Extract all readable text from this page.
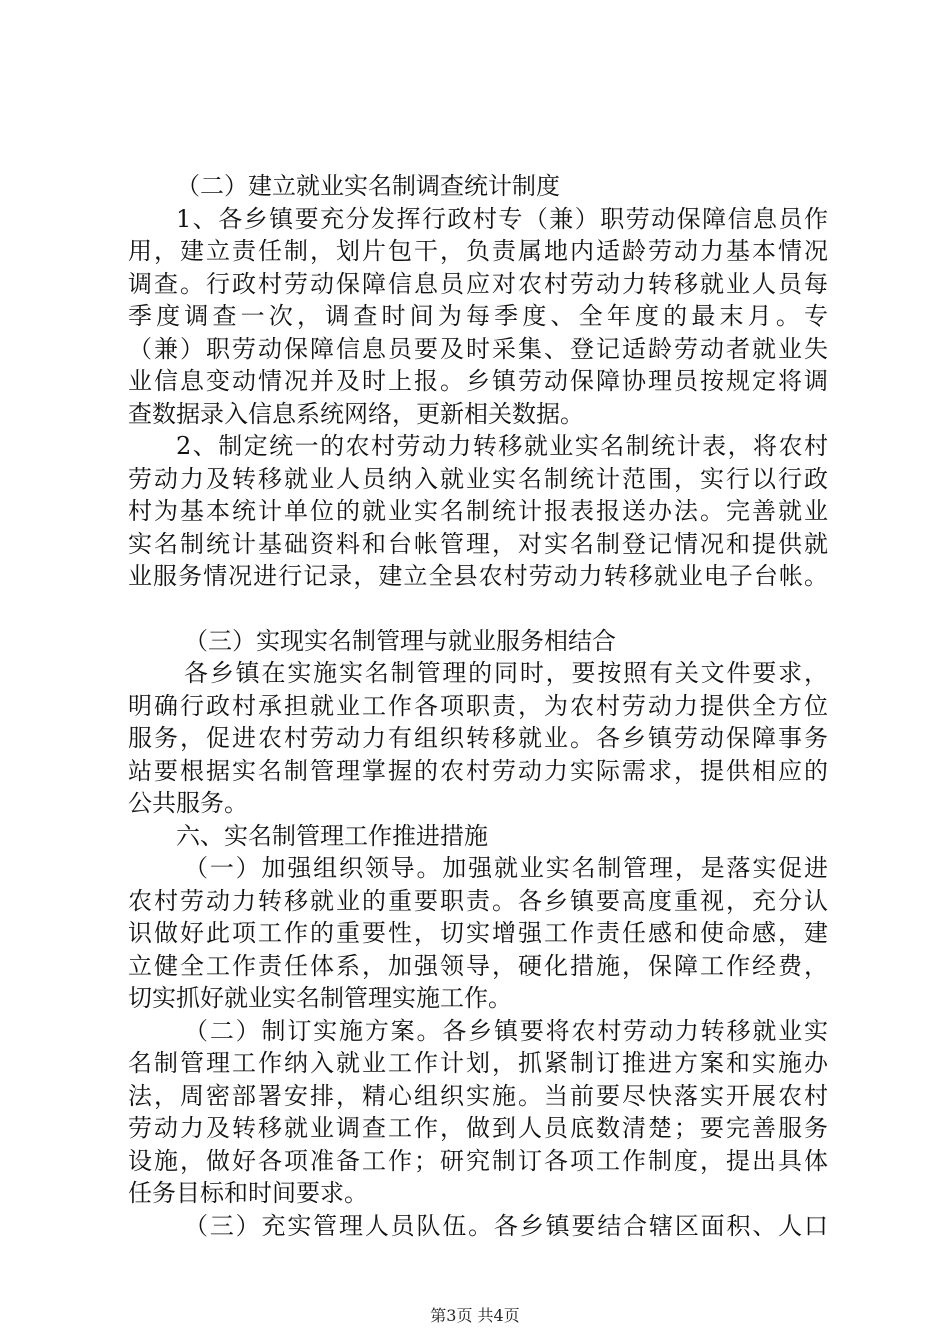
（二）建立就业实名制调查统计制度
1、各乡镇要充分发挥行政村专（兼）职劳动保障信息员作
用，建立责任制，划片包干，负责属地内适龄劳动力基本情况
调查。行政村劳动保障信息员应对农村劳动力转移就业人员每
季度调查一次，调查时间为每季度、全年度的最末月。专
（兼）职劳动保障信息员要及时采集、登记适龄劳动者就业失
业信息变动情况并及时上报。乡镇劳动保障协理员按规定将调
查数据录入信息系统网络，更新相关数据。
2、制定统一的农村劳动力转移就业实名制统计表，将农村
劳动力及转移就业人员纳入就业实名制统计范围，实行以行政
村为基本统计单位的就业实名制统计报表报送办法。完善就业
实名制统计基础资料和台帐管理，对实名制登记情况和提供就
业服务情况进行记录，建立全县农村劳动力转移就业电子台帐。
（三）实现实名制管理与就业服务相结合
各乡镇在实施实名制管理的同时，要按照有关文件要求，
明确行政村承担就业工作各项职责，为农村劳动力提供全方位
服务，促进农村劳动力有组织转移就业。各乡镇劳动保障事务
站要根据实名制管理掌握的农村劳动力实际需求，提供相应的
公共服务。
六、实名制管理工作推进措施
（一）加强组织领导。加强就业实名制管理，是落实促进
农村劳动力转移就业的重要职责。各乡镇要高度重视，充分认
识做好此项工作的重要性，切实增强工作责任感和使命感，建
立健全工作责任体系，加强领导，硬化措施，保障工作经费，
切实抓好就业实名制管理实施工作。
（二）制订实施方案。各乡镇要将农村劳动力转移就业实
名制管理工作纳入就业工作计划，抓紧制订推进方案和实施办
法，周密部署安排，精心组织实施。当前要尽快落实开展农村
劳动力及转移就业调查工作，做到人员底数清楚；要完善服务
设施，做好各项准备工作；研究制订各项工作制度，提出具体
任务目标和时间要求。
（三）充实管理人员队伍。各乡镇要结合辖区面积、人口
第3页 共4页
